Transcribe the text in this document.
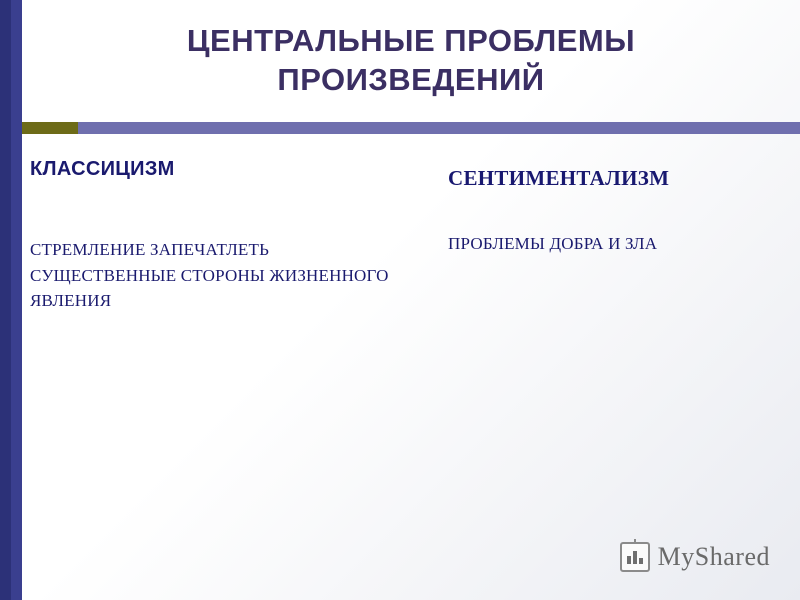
ЦЕНТРАЛЬНЫЕ ПРОБЛЕМЫ ПРОИЗВЕДЕНИЙ
КЛАССИЦИЗМ

СТРЕМЛЕНИЕ ЗАПЕЧАТЛЕТЬ СУЩЕСТВЕННЫЕ СТОРОНЫ ЖИЗНЕННОГО ЯВЛЕНИЯ

СЕНТИМЕНТАЛИЗМ

ПРОБЛЕМЫ ДОБРА И ЗЛА

MyShared
